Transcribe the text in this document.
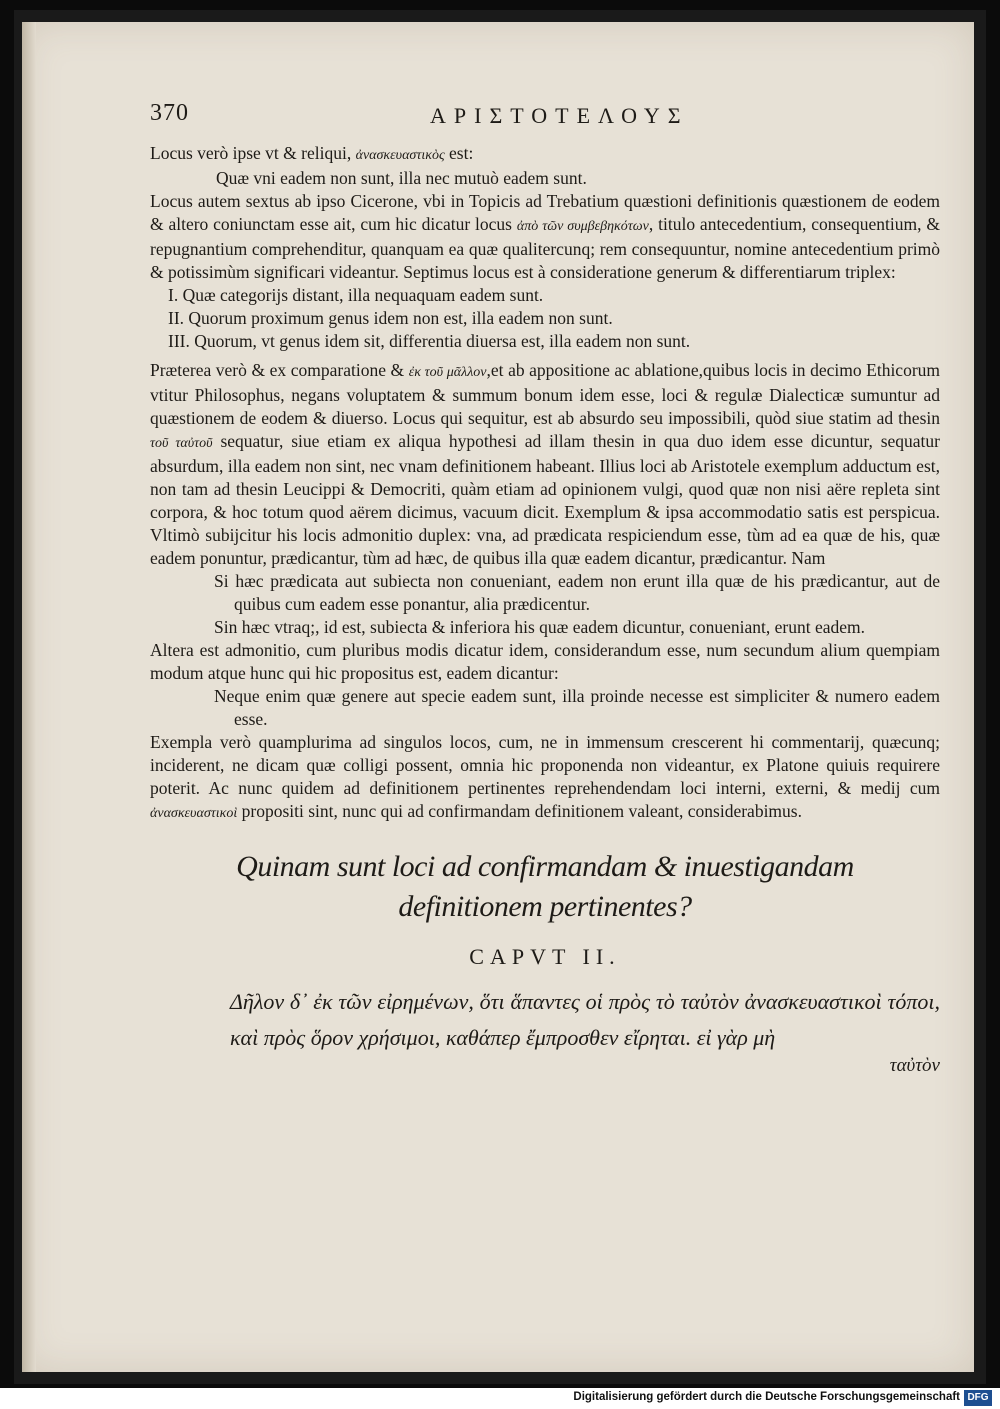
370	ΑΡΙΣΤΟΤΕΛΟΥΣ

Locus verò ipse vt & reliqui, ἀνασκευαστικὸς est:

Quæ vni eadem non sunt, illa nec mutuò eadem sunt.

Locus autem sextus ab ipso Cicerone, vbi in Topicis ad Trebatium quæstioni definitionis quæstionem de eodem & altero coniunctam esse ait, cum hic dicatur locus ἀπὸ τῶν συμβεβηκότων, titulo antecedentium, consequentium, & repugnantium comprehenditur, quanquam ea quæ qualitercunq; rem consequuntur, nomine antecedentium primò & potissimùm significari videantur. Septimus locus est à consideratione generum & differentiarum triplex:

I. Quæ categorijs distant, illa nequaquam eadem sunt.
II. Quorum proximum genus idem non est, illa eadem non sunt.
III. Quorum, vt genus idem sit, differentia diuersa est, illa eadem non sunt.

Præterea verò & ex comparatione & ἐκ τοῦ μᾶλλον,et ab appositione ac ablatione,quibus locis in decimo Ethicorum vtitur Philosophus, negans voluptatem & summum bonum idem esse, loci & regulæ Dialecticæ sumuntur ad quæstionem de eodem & diuerso. Locus qui sequitur, est ab absurdo seu impossibili, quòd siue statim ad thesin τοῦ ταὐτοῦ sequatur, siue etiam ex aliqua hypothesi ad illam thesin in qua duo idem esse dicuntur, sequatur absurdum, illa eadem non sint, nec vnam definitionem habeant. Illius loci ab Aristotele exemplum adductum est, non tam ad thesin Leucippi & Democriti, quàm etiam ad opinionem vulgi, quod quæ non nisi aëre repleta sint corpora, & hoc totum quod aërem dicimus, vacuum dicit. Exemplum & ipsa accommodatio satis est perspicua. Vltimò subijcitur his locis admonitio duplex: vna, ad prædicata respiciendum esse, tùm ad ea quæ de his, quæ eadem ponuntur, prædicantur, tùm ad hæc, de quibus illa quæ eadem dicantur, prædicantur. Nam

Si hæc prædicata aut subiecta non conueniant, eadem non erunt illa quæ de his prædicantur, aut de quibus cum eadem esse ponantur, alia prædicentur.

Sin hæc vtraq;, id est, subiecta & inferiora his quæ eadem dicuntur, conueniant, erunt eadem.

Altera est admonitio, cum pluribus modis dicatur idem, considerandum esse, num secundum alium quempiam modum atque hunc qui hic propositus est, eadem dicantur:

Neque enim quæ genere aut specie eadem sunt, illa proinde necesse est simpliciter & numero eadem esse.

Exempla verò quamplurima ad singulos locos, cum, ne in immensum crescerent hi commentarij, quæcunq; inciderent, ne dicam quæ colligi possent, omnia hic proponenda non videantur, ex Platone quiuis requirere poterit. Ac nunc quidem ad definitionem pertinentes reprehendendam loci interni, externi, & medij cum ἀνασκευαστικοὶ propositi sint, nunc qui ad confirmandam definitionem valeant, considerabimus.

Quinam sunt loci ad confirmandam & inuestigandam definitionem pertinentes?
CAPVT II.
Δῆλον δ᾽ ἐκ τῶν εἰρημένων, ὅτι ἅπαντες οἱ πρὸς τὸ ταὐτὸν ἀνασκευαστικοὶ τόποι, καὶ πρὸς ὅρον χρήσιμοι, καθάπερ ἔμπροσθεν εἴρηται. εἰ γὰρ μὴ
ταὐτὸν
Digitalisierung gefördert durch die Deutsche Forschungsgemeinschaft DFG
